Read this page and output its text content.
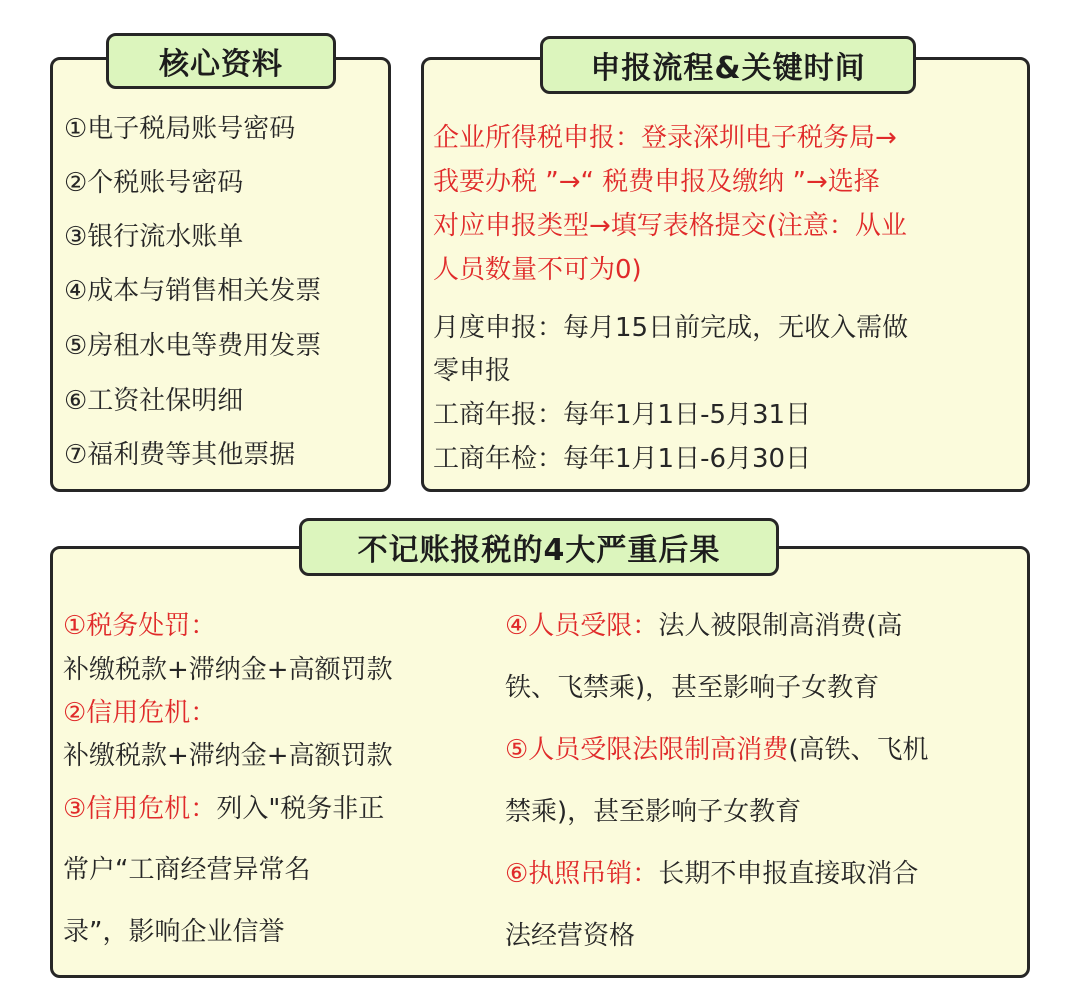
核心资料
①电子税局账号密码
②个税账号密码
③银行流水账单
④成本与销售相关发票
⑤房租水电等费用发票
⑥工资社保明细
⑦福利费等其他票据
申报流程&关键时间
企业所得税申报：登录深圳电子税务局→
我要办税 ”→“ 税费申报及缴纳 ”→选择
对应申报类型→填写表格提交(注意：从业
人员数量不可为0)
月度申报：每月15日前完成，无收入需做
零申报
工商年报：每年1月1日-5月31日
工商年检：每年1月1日-6月30日
不记账报税的4大严重后果
①税务处罚：
补缴税款+滞纳金+高额罚款
②信用危机：
补缴税款+滞纳金+高额罚款
③信用危机：列入"税务非正
常户“工商经营异常名
录”，影响企业信誉
④人员受限：法人被限制高消费(高
铁、飞禁乘)，甚至影响子女教育
⑤人员受限法限制高消费(高铁、飞机
禁乘)，甚至影响子女教育
⑥执照吊销：长期不申报直接取消合
法经营资格
